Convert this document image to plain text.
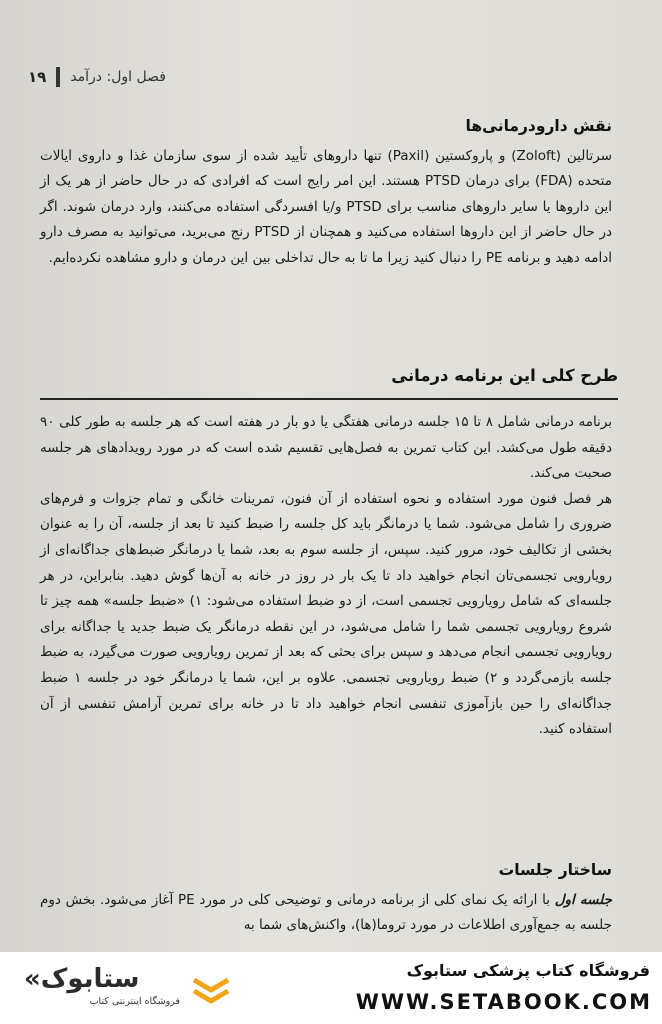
۱۹ فصل اول: درآمد
نقش دارودرمانی‌ها

سرتالین (Zoloft) و پاروکستین (Paxil) تنها داروهای تأیید شده از سوی سازمان غذا و داروی ایالات متحده (FDA) برای درمان PTSD هستند. این امر رایج است که افرادی که در حال حاضر از هر یک از این داروها یا سایر داروهای مناسب برای PTSD و/یا افسردگی استفاده می‌کنند، وارد درمان شوند. اگر در حال حاضر از این داروها استفاده می‌کنید و همچنان از PTSD رنج می‌برید، می‌توانید به مصرف دارو ادامه دهید و برنامه PE را دنبال کنید زیرا ما تا به حال تداخلی بین این درمان و دارو مشاهده نکرده‌ایم.

طرح کلی این برنامه درمانی

برنامه درمانی شامل ۸ تا ۱۵ جلسه درمانی هفتگی یا دو بار در هفته است که هر جلسه به طور کلی ۹۰ دقیقه طول می‌کشد. این کتاب تمرین به فصل‌هایی تقسیم شده است که در مورد رویدادهای هر جلسه صحبت می‌کند.

هر فصل فنون مورد استفاده و نحوه استفاده از آن فنون، تمرینات خانگی و تمام جزوات و فرم‌های ضروری را شامل می‌شود. شما یا درمانگر باید کل جلسه را ضبط کنید تا بعد از جلسه، آن را به عنوان بخشی از تکالیف خود، مرور کنید. سپس، از جلسه سوم به بعد، شما یا درمانگر ضبط‌های جداگانه‌ای از رویارویی تجسمی‌تان انجام خواهید داد تا یک بار در روز در خانه به آن‌ها گوش دهید. بنابراین، در هر جلسه‌ای که شامل رویارویی تجسمی است، از دو ضبط استفاده می‌شود: ۱) «ضبط جلسه» همه چیز تا شروع رویارویی تجسمی شما را شامل می‌شود، در این نقطه درمانگر یک ضبط جدید یا جداگانه برای رویارویی تجسمی انجام می‌دهد و سپس برای بحثی که بعد از تمرین رویارویی صورت می‌گیرد، به ضبط جلسه بازمی‌گردد و ۲) ضبط رویارویی تجسمی. علاوه بر این، شما یا درمانگر خود در جلسه ۱ ضبط جداگانه‌ای را حین بازآموزی تنفسی انجام خواهید داد تا در خانه برای تمرین آرامش تنفسی از آن استفاده کنید.

ساختار جلسات

جلسه اول با ارائه یک نمای کلی از برنامه درمانی و توضیحی کلی در مورد PE آغاز می‌شود. بخش دوم جلسه به جمع‌آوری اطلاعات در مورد تروما(ها)، واکنش‌های شما به

«ستابوک
فروشگاه اینترنتی کتاب
فروشگاه کتاب پزشکی ستابوک
WWW.SETABOOK.COM
